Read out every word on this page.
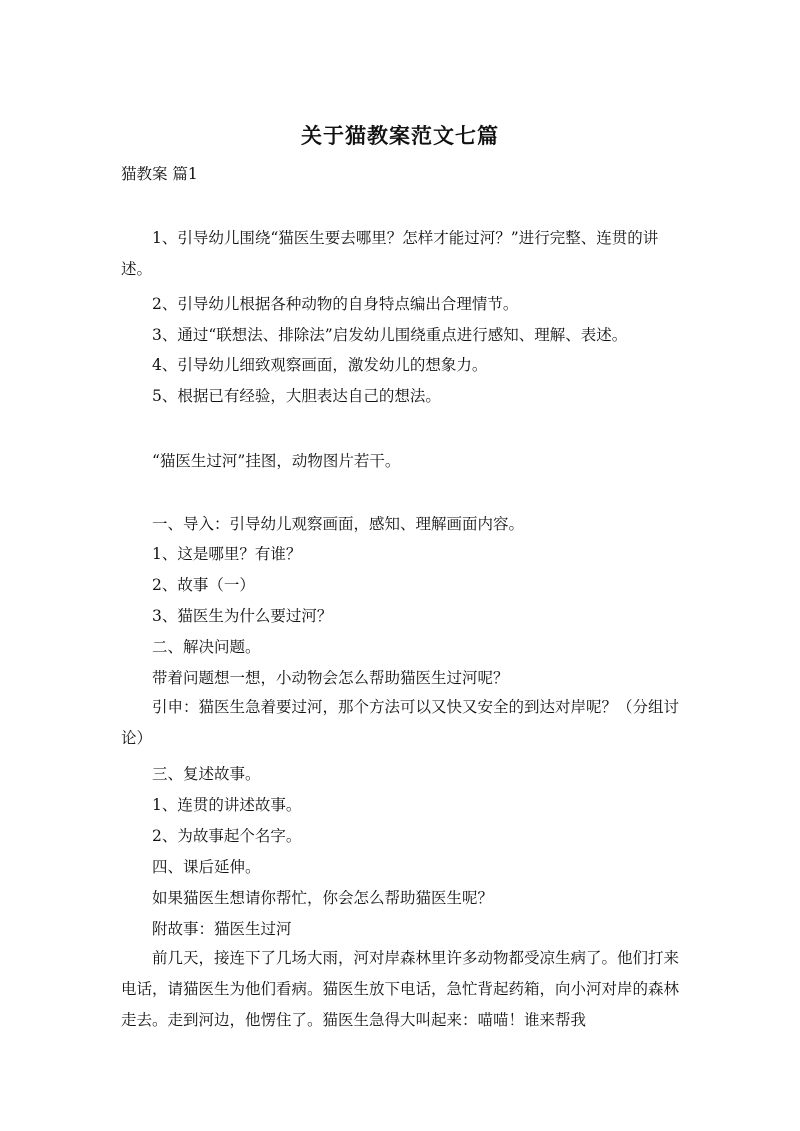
关于猫教案范文七篇
猫教案 篇1
1、引导幼儿围绕“猫医生要去哪里？怎样才能过河？”进行完整、连贯的讲述。
2、引导幼儿根据各种动物的自身特点编出合理情节。
3、通过“联想法、排除法”启发幼儿围绕重点进行感知、理解、表述。
4、引导幼儿细致观察画面，激发幼儿的想象力。
5、根据已有经验，大胆表达自己的想法。
“猫医生过河”挂图，动物图片若干。
一、导入：引导幼儿观察画面，感知、理解画面内容。
1、这是哪里？有谁？
2、故事（一）
3、猫医生为什么要过河？
二、解决问题。
带着问题想一想，小动物会怎么帮助猫医生过河呢？
引申：猫医生急着要过河，那个方法可以又快又安全的到达对岸呢？（分组讨论）
三、复述故事。
1、连贯的讲述故事。
2、为故事起个名字。
四、课后延伸。
如果猫医生想请你帮忙，你会怎么帮助猫医生呢？
附故事：猫医生过河
前几天，接连下了几场大雨，河对岸森林里许多动物都受凉生病了。他们打来电话，请猫医生为他们看病。猫医生放下电话，急忙背起药箱，向小河对岸的森林走去。走到河边，他愣住了。猫医生急得大叫起来：喵喵！谁来帮我
